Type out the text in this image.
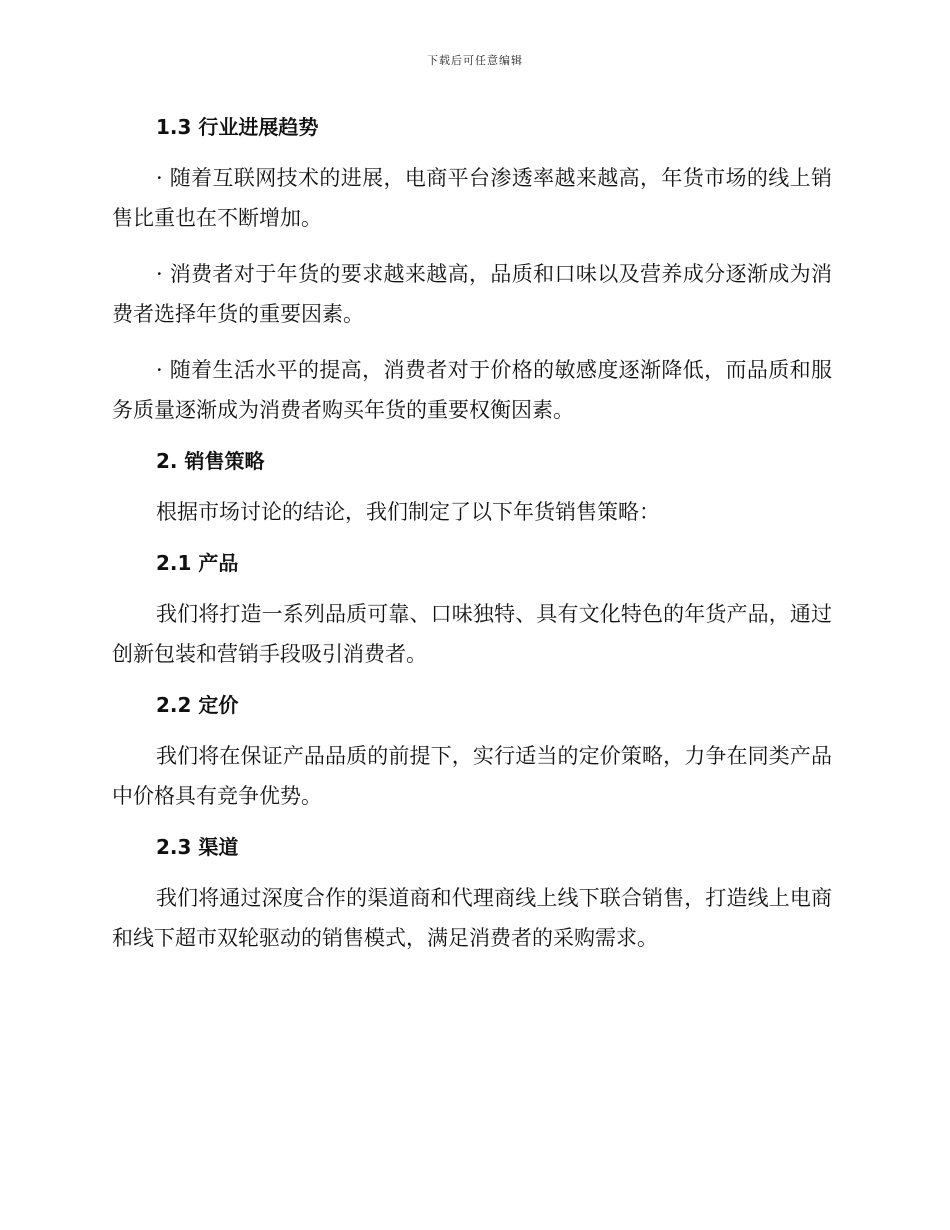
下载后可任意编辑
1.3 行业进展趋势
· 随着互联网技术的进展，电商平台渗透率越来越高，年货市场的线上销售比重也在不断增加。
· 消费者对于年货的要求越来越高，品质和口味以及营养成分逐渐成为消费者选择年货的重要因素。
· 随着生活水平的提高，消费者对于价格的敏感度逐渐降低，而品质和服务质量逐渐成为消费者购买年货的重要权衡因素。
2. 销售策略
根据市场讨论的结论，我们制定了以下年货销售策略：
2.1 产品
我们将打造一系列品质可靠、口味独特、具有文化特色的年货产品，通过创新包装和营销手段吸引消费者。
2.2 定价
我们将在保证产品品质的前提下，实行适当的定价策略，力争在同类产品中价格具有竞争优势。
2.3 渠道
我们将通过深度合作的渠道商和代理商线上线下联合销售，打造线上电商和线下超市双轮驱动的销售模式，满足消费者的采购需求。
